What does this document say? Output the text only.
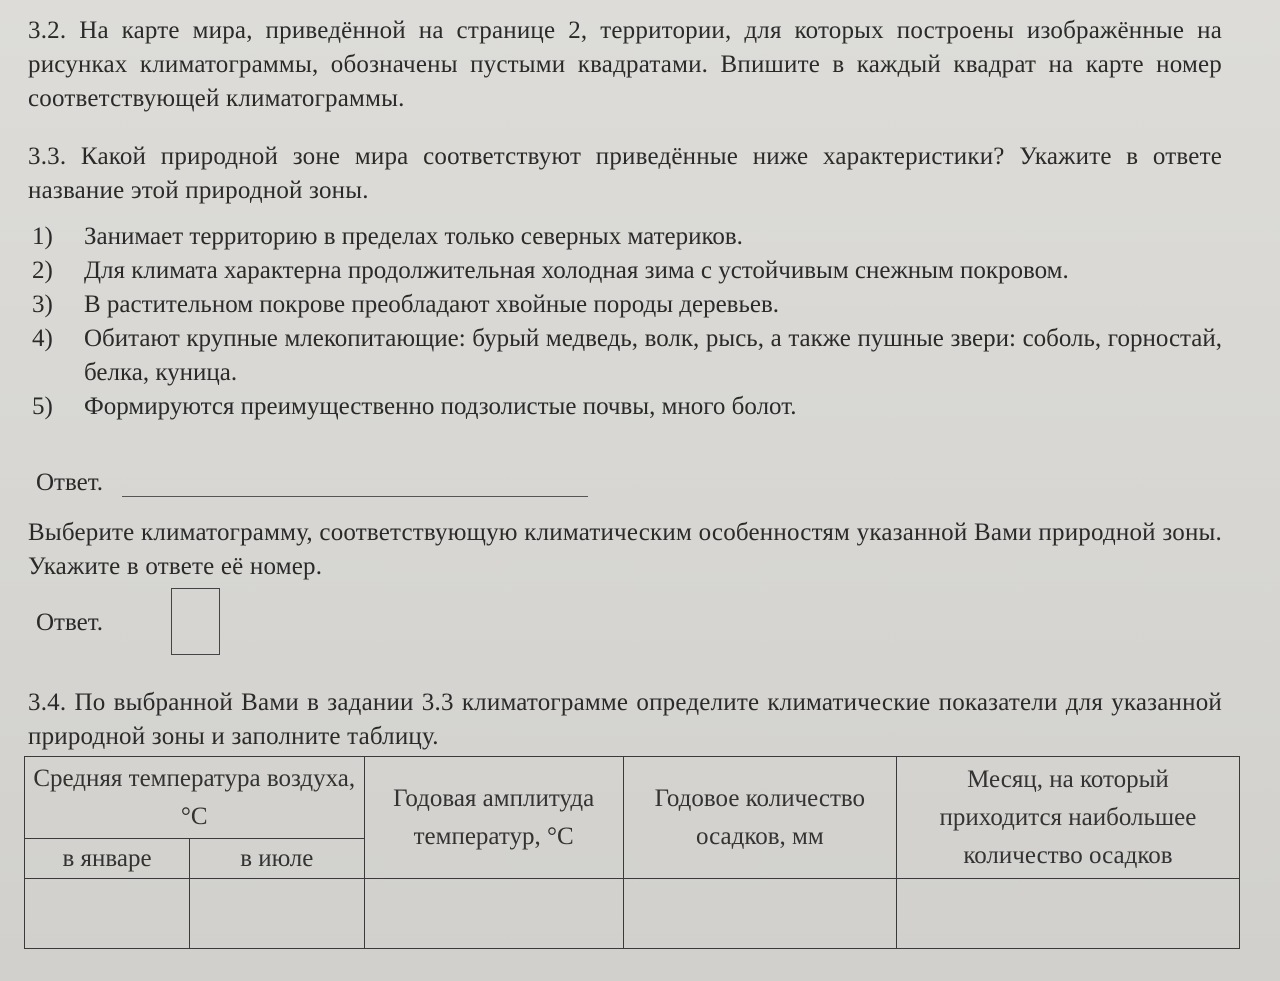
3.2. На карте мира, приведённой на странице 2, территории, для которых построены изображённые на рисунках климатограммы, обозначены пустыми квадратами. Впишите в каждый квадрат на карте номер соответствующей климатограммы.
3.3. Какой природной зоне мира соответствуют приведённые ниже характеристики? Укажите в ответе название этой природной зоны.
1) Занимает территорию в пределах только северных материков.
2) Для климата характерна продолжительная холодная зима с устойчивым снежным покровом.
3) В растительном покрове преобладают хвойные породы деревьев.
4) Обитают крупные млекопитающие: бурый медведь, волк, рысь, а также пушные звери: соболь, горностай, белка, куница.
5) Формируются преимущественно подзолистые почвы, много болот.
Ответ.
Выберите климатограмму, соответствующую климатическим особенностям указанной Вами природной зоны. Укажите в ответе её номер.
Ответ.
3.4. По выбранной Вами в задании 3.3 климатограмме определите климатические показатели для указанной природной зоны и заполните таблицу.
Средняя температура воздуха, °С		Годовая амплитуда температур, °С	Годовое количество осадков, мм	Месяц, на который приходится наибольшее количество осадков
в январе	в июле			
